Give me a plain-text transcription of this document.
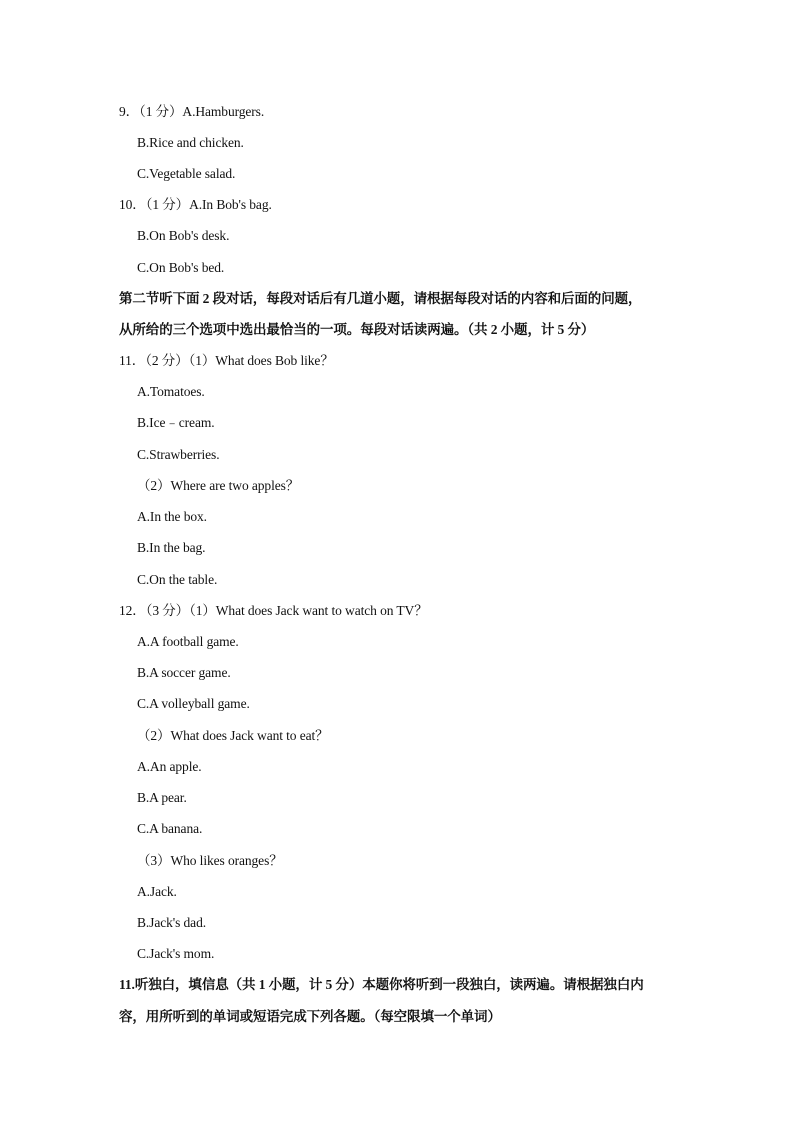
9．（1 分）A.Hamburgers.
B.Rice and chicken.
C.Vegetable salad.
10．（1 分）A.In Bob's bag.
B.On Bob's desk.
C.On Bob's bed.
第二节听下面 2 段对话，每段对话后有几道小题，请根据每段对话的内容和后面的问题，
从所给的三个选项中选出最恰当的一项。每段对话读两遍。（共 2 小题，计 5 分）
11．（2 分）（1）What does Bob like？
A.Tomatoes.
B.Ice﹣cream.
C.Strawberries.
（2）Where are two apples？
A.In the box.
B.In the bag.
C.On the table.
12．（3 分）（1）What does Jack want to watch on TV？
A.A football game.
B.A soccer game.
C.A volleyball game.
（2）What does Jack want to eat？
A.An apple.
B.A pear.
C.A banana.
（3）Who likes oranges？
A.Jack.
B.Jack's dad.
C.Jack's mom.
11.听独白，填信息（共 1 小题，计 5 分）本题你将听到一段独白，读两遍。请根据独白内
容，用所听到的单词或短语完成下列各题。（每空限填一个单词）
